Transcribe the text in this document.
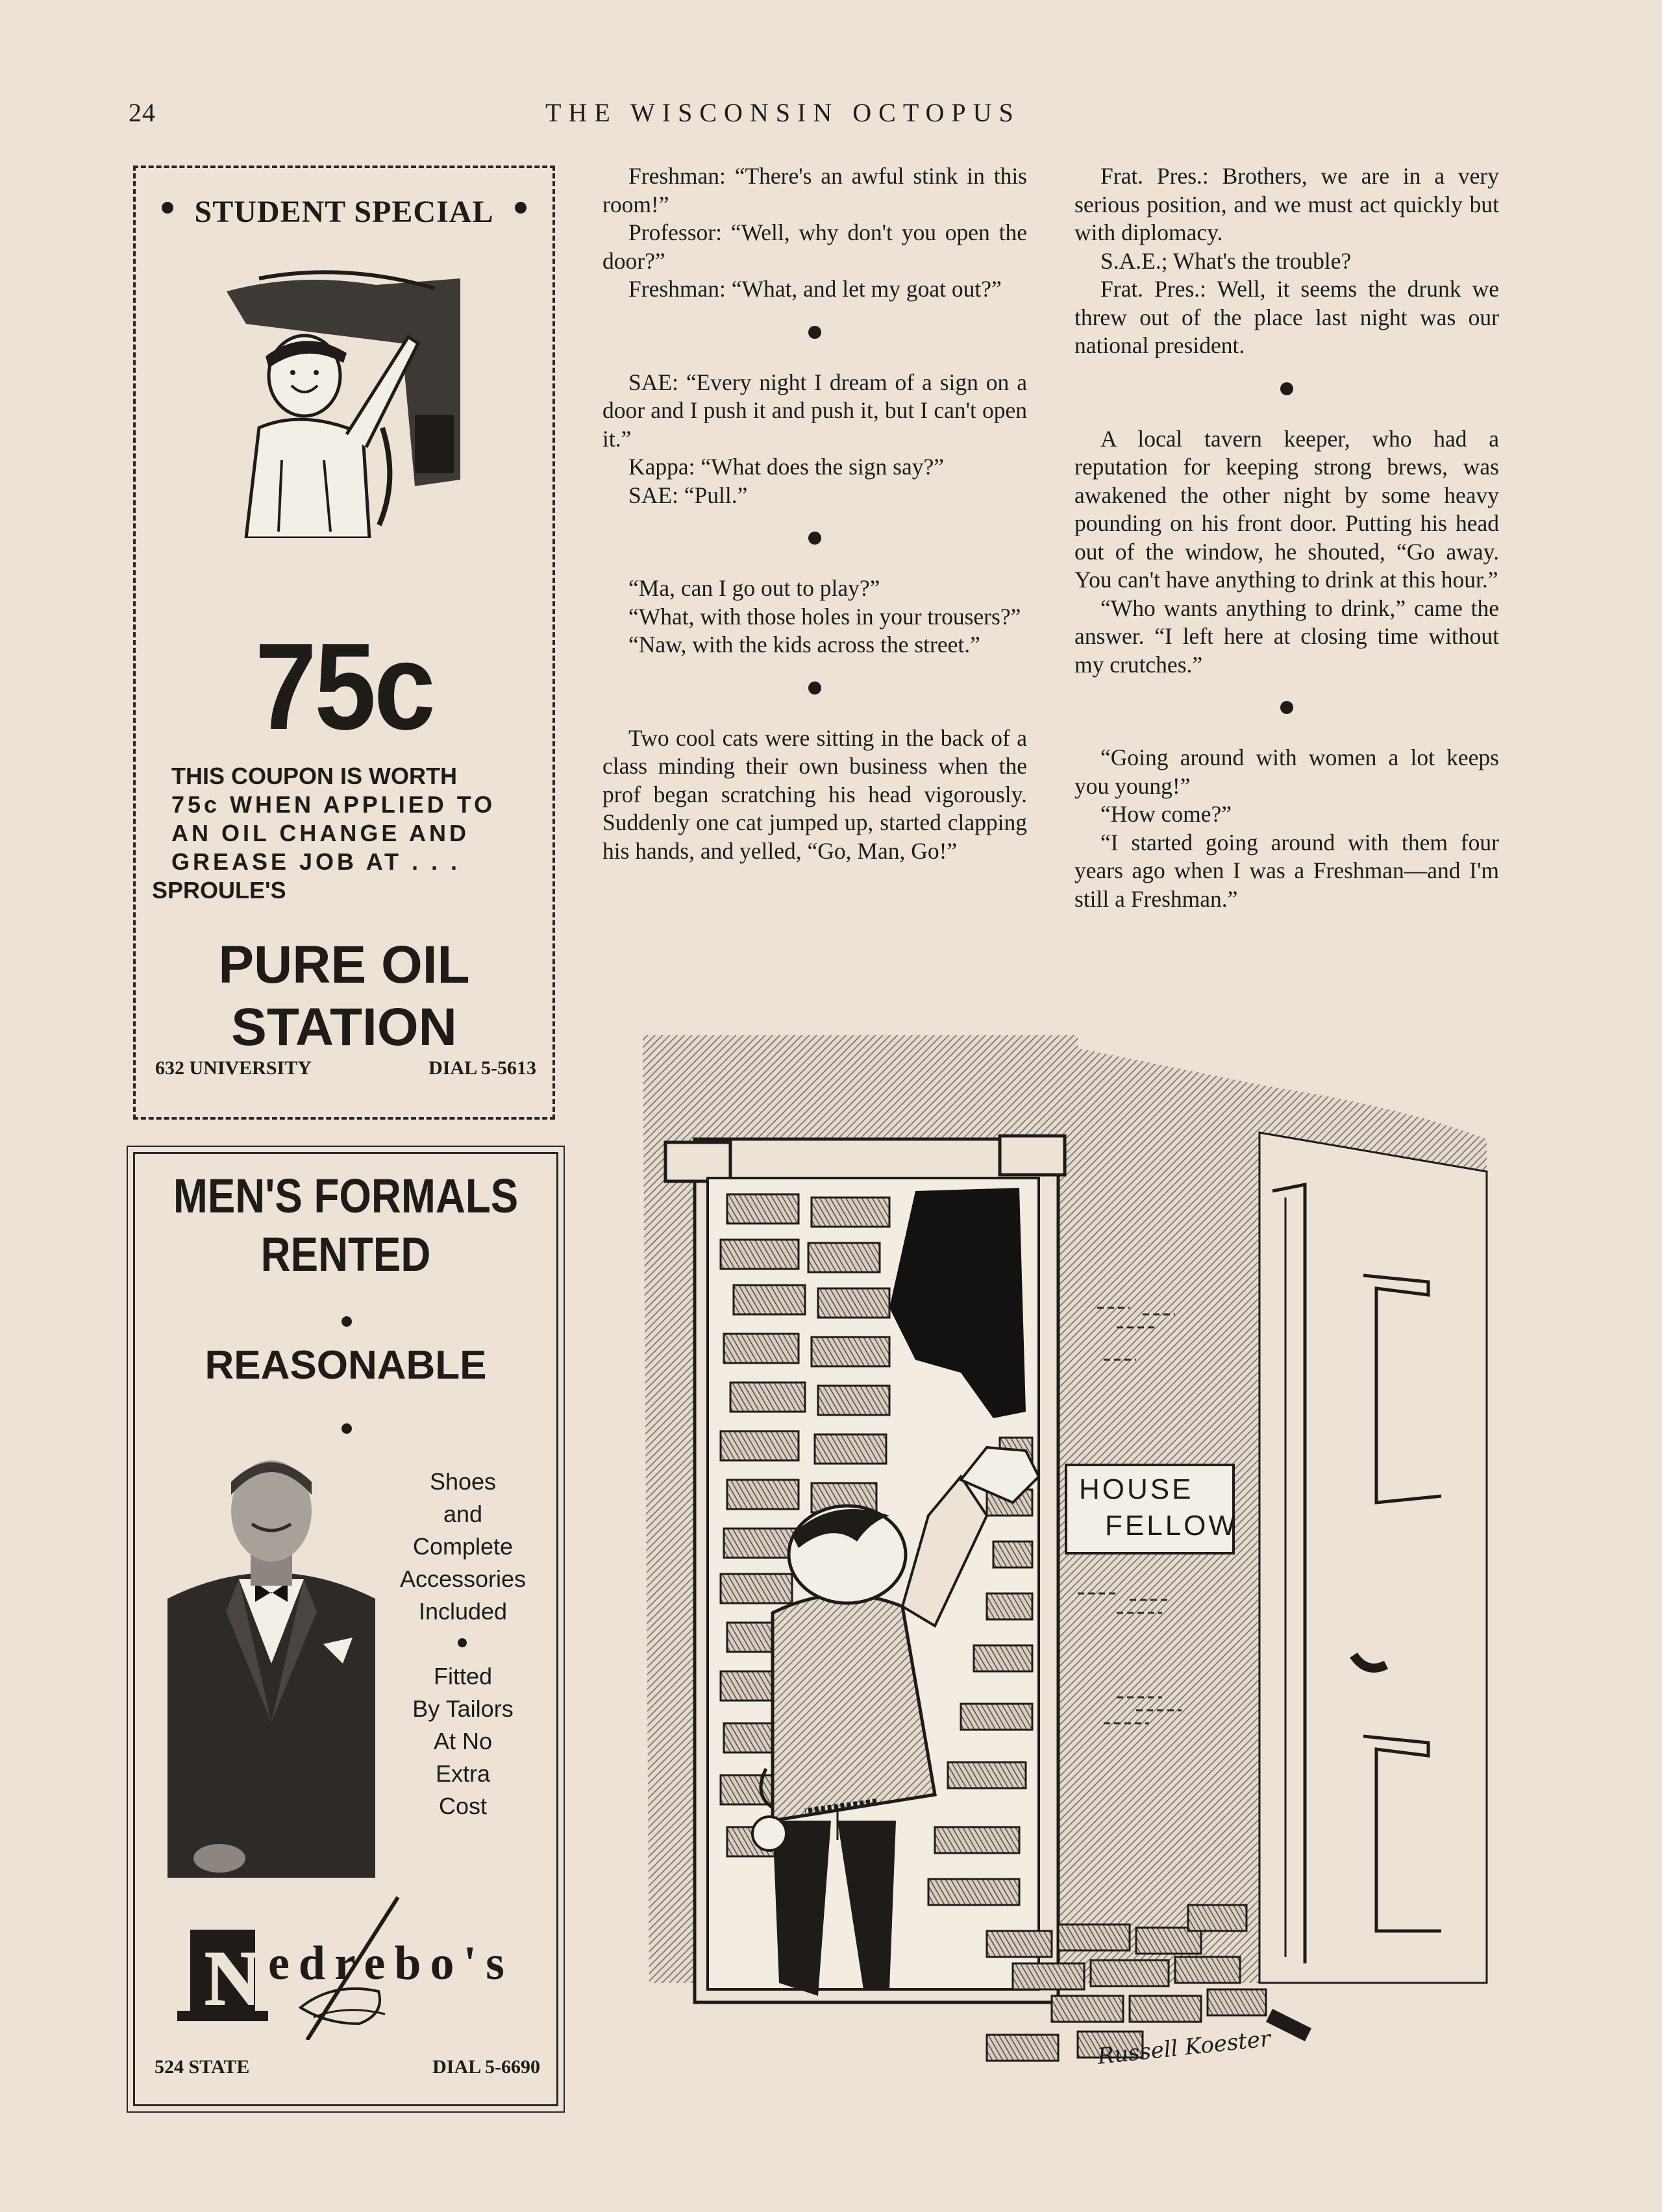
24	THE WISCONSIN OCTOPUS
STUDENT SPECIAL
75c
THIS COUPON IS WORTH
75c WHEN APPLIED TO
AN OIL CHANGE AND
GREASE JOB AT . . .
SPROULE'S
PURE OIL
STATION
632 UNIVERSITY	DIAL 5-5613
MEN'S FORMALS
RENTED
REASONABLE
Shoes
and
Complete
Accessories
Included
Fitted
By Tailors
At No
Extra
Cost
N edrebo's
524 STATE	DIAL 5-6690

Freshman: “There's an awful stink in this room!”

Professor: “Well, why don't you open the door?”

Freshman: “What, and let my goat out?”

SAE: “Every night I dream of a sign on a door and I push it and push it, but I can't open it.”

Kappa: “What does the sign say?”

SAE: “Pull.”

“Ma, can I go out to play?”

“What, with those holes in your trousers?”

“Naw, with the kids across the street.”

Two cool cats were sitting in the back of a class minding their own business when the prof began scratching his head vigorously. Suddenly one cat jumped up, started clapping his hands, and yelled, “Go, Man, Go!”

Frat. Pres.: Brothers, we are in a very serious position, and we must act quickly but with diplomacy.

S.A.E.; What's the trouble?

Frat. Pres.: Well, it seems the drunk we threw out of the place last night was our national president.

A local tavern keeper, who had a reputation for keeping strong brews, was awakened the other night by some heavy pounding on his front door. Putting his head out of the window, he shouted, “Go away. You can't have anything to drink at this hour.”

“Who wants anything to drink,” came the answer. “I left here at closing time without my crutches.”

“Going around with women a lot keeps you young!”

“How come?”

“I started going around with them four years ago when I was a Freshman—and I'm still a Freshman.”

HOUSE
FELLOW
Russell Koester
